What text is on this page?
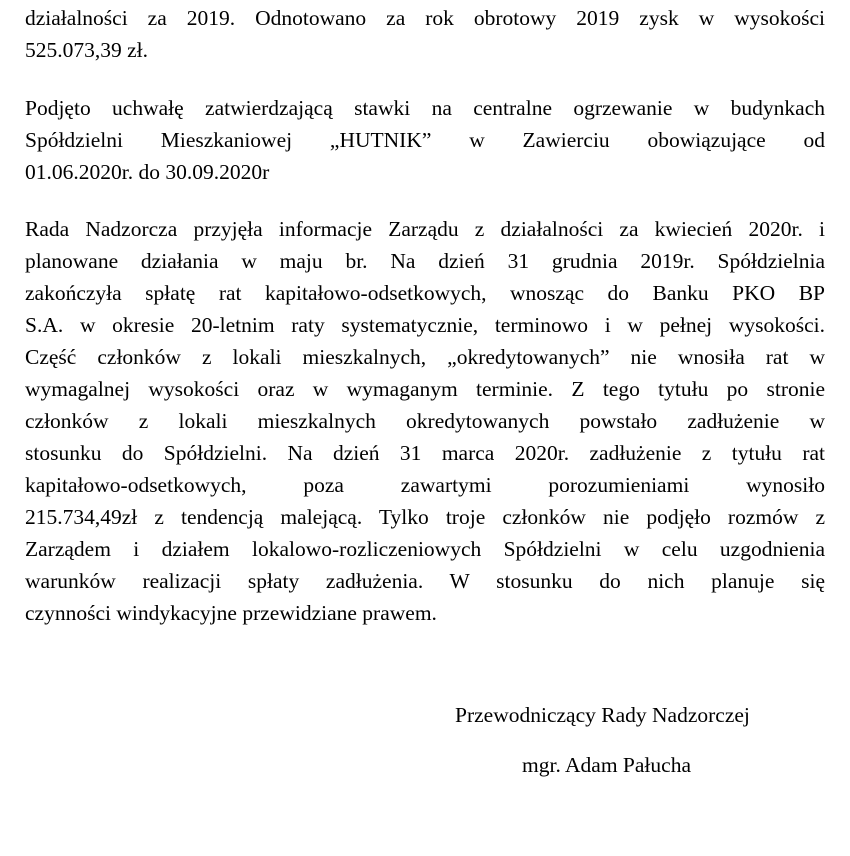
działalności za 2019. Odnotowano za rok obrotowy 2019 zysk w wysokości
525.073,39 zł.

Podjęto uchwałę zatwierdzającą stawki na centralne ogrzewanie w budynkach
Spółdzielni Mieszkaniowej „HUTNIK” w Zawierciu obowiązujące od
01.06.2020r. do 30.09.2020r

Rada Nadzorcza przyjęła informacje Zarządu z działalności za kwiecień 2020r. i
planowane działania w maju br. Na dzień 31 grudnia 2019r. Spółdzielnia
zakończyła spłatę rat kapitałowo-odsetkowych, wnosząc do Banku PKO BP
S.A. w okresie 20-letnim raty systematycznie, terminowo i w pełnej wysokości.
Część członków z lokali mieszkalnych, „okredytowanych” nie wnosiła rat w
wymagalnej wysokości oraz w wymaganym terminie. Z tego tytułu po stronie
członków z lokali mieszkalnych okredytowanych powstało zadłużenie w
stosunku do Spółdzielni. Na dzień 31 marca 2020r. zadłużenie z tytułu rat
kapitałowo-odsetkowych, poza zawartymi porozumieniami wynosiło
215.734,49zł z tendencją malejącą. Tylko troje członków nie podjęło rozmów z
Zarządem i działem lokalowo-rozliczeniowych Spółdzielni w celu uzgodnienia
warunków realizacji spłaty zadłużenia. W stosunku do nich planuje się
czynności windykacyjne przewidziane prawem.

Przewodniczący Rady Nadzorczej
mgr. Adam Pałucha
